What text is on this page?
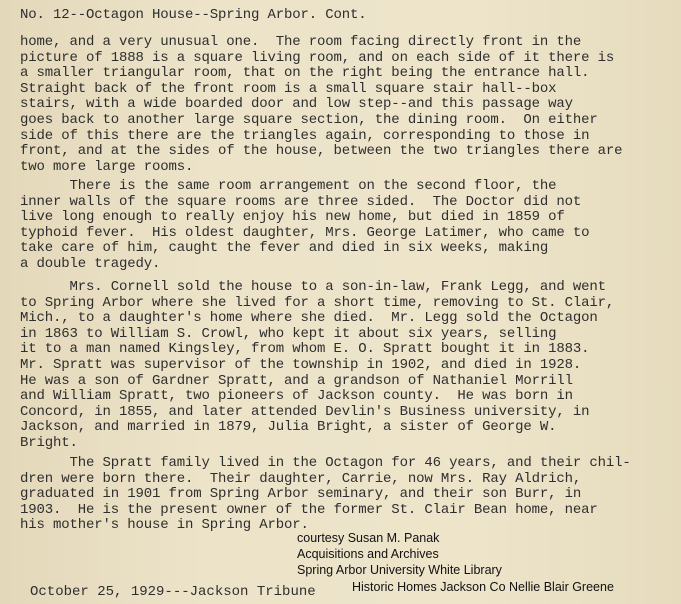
No. 12--Octagon House--Spring Arbor. Cont.
home, and a very unusual one.  The room facing directly front in the
picture of 1888 is a square living room, and on each side of it there is
a smaller triangular room, that on the right being the entrance hall.
Straight back of the front room is a small square stair hall--box
stairs, with a wide boarded door and low step--and this passage way
goes back to another large square section, the dining room.  On either
side of this there are the triangles again, corresponding to those in
front, and at the sides of the house, between the two triangles there are
two more large rooms.
There is the same room arrangement on the second floor, the
inner walls of the square rooms are three sided.  The Doctor did not
live long enough to really enjoy his new home, but died in 1859 of
typhoid fever.  His oldest daughter, Mrs. George Latimer, who came to
take care of him, caught the fever and died in six weeks, making
a double tragedy.
Mrs. Cornell sold the house to a son-in-law, Frank Legg, and went
to Spring Arbor where she lived for a short time, removing to St. Clair,
Mich., to a daughter's home where she died.  Mr. Legg sold the Octagon
in 1863 to William S. Crowl, who kept it about six years, selling
it to a man named Kingsley, from whom E. O. Spratt bought it in 1883.
Mr. Spratt was supervisor of the township in 1902, and died in 1928.
He was a son of Gardner Spratt, and a grandson of Nathaniel Morrill
and William Spratt, two pioneers of Jackson county.  He was born in
Concord, in 1855, and later attended Devlin's Business university, in
Jackson, and married in 1879, Julia Bright, a sister of George W.
Bright.
The Spratt family lived in the Octagon for 46 years, and their chil-
dren were born there.  Their daughter, Carrie, now Mrs. Ray Aldrich,
graduated in 1901 from Spring Arbor seminary, and their son Burr, in
1903.  He is the present owner of the former St. Clair Bean home, near
his mother's house in Spring Arbor.
courtesy Susan M. Panak
Acquisitions and Archives
Spring Arbor University White Library
October 25, 1929---Jackson Tribune	Historic Homes Jackson Co Nellie Blair Greene
